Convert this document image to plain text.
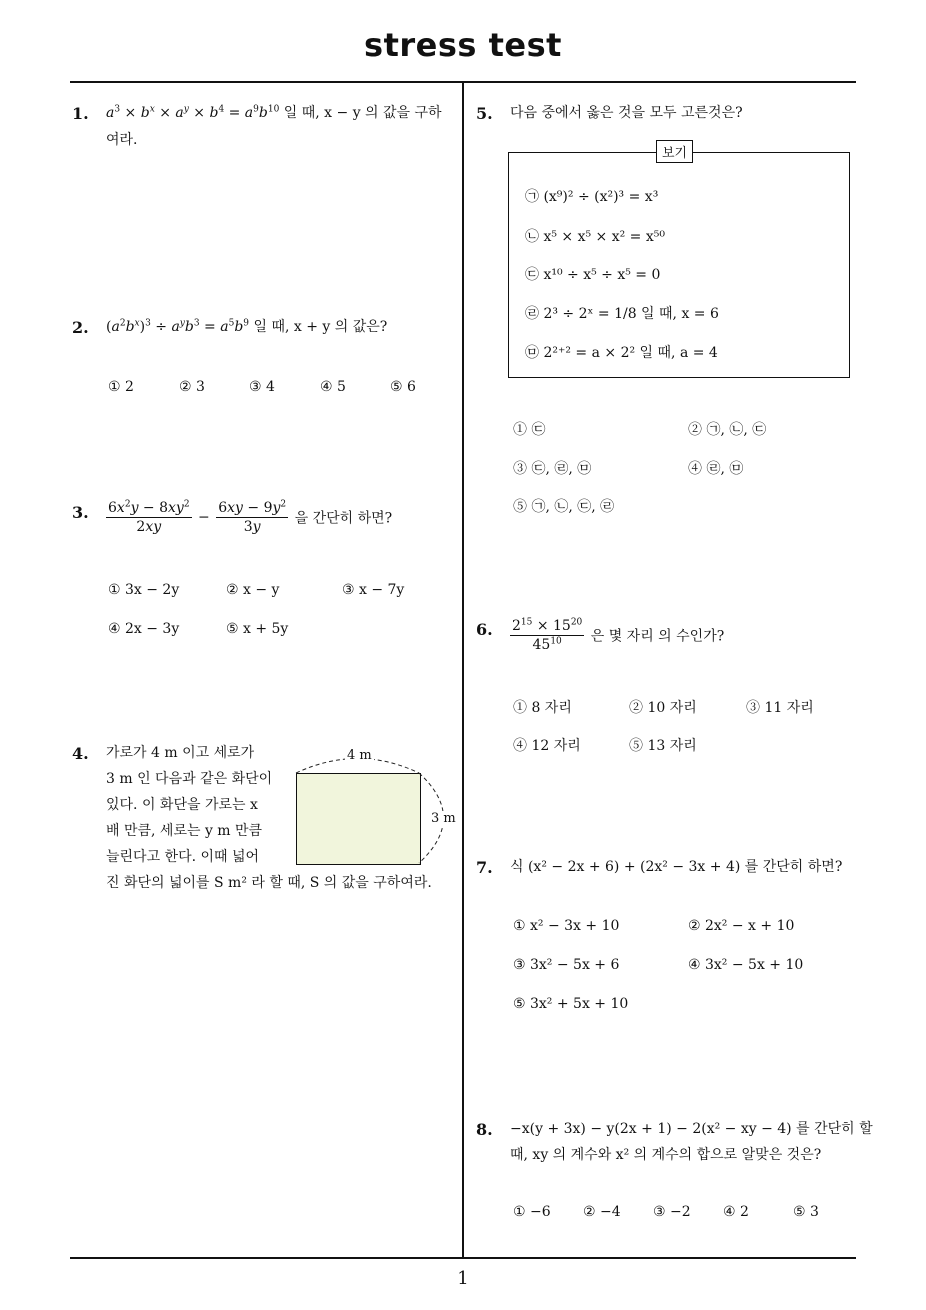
stress test
1
1. $a^3 \times b^x \times a^y \times b^4 = a^9b^{10}$ 일 때, x − y 의 값을 구하
여라.
2. $(a^2b^x)^3 \div a^yb^3 = a^5b^9$ 일 때, x + y 의 값은?
① 2	② 3	③ 4	④ 5	⑤ 6
3. $\frac{6x^2y - 8xy^2}{2xy} - \frac{6xy - 9y^2}{3y}$ 을 간단히 하면?
① 3x − 2y	② x − y	③ x − 7y
④ 2x − 3y	⑤ x + 5y
4. 가로가 4 m 이고 세로가
3 m 인 다음과 같은 화단이
있다. 이 화단을 가로는 x
배 만큼, 세로는 y m 만큼
늘린다고 한다. 이때 넓어
진 화단의 넓이를 S m² 라 할 때, S 의 값을 구하여라.
4 m
3 m
5. 다음 중에서 옳은 것을 모두 고른것은?
보기
㉠ (x⁹)² ÷ (x²)³ = x³
㉡ x⁵ × x⁵ × x² = x⁵⁰
㉢ x¹⁰ ÷ x⁵ ÷ x⁵ = 0
㉣ 2³ ÷ 2ˣ = 1/8 일 때, x = 6
㉤ 2²⁺² = a × 2² 일 때, a = 4
① ㉢	② ㉠, ㉡, ㉢
③ ㉢, ㉣, ㉤	④ ㉣, ㉤
⑤ ㉠, ㉡, ㉢, ㉣
6. $\frac{2^{15} \times 15^{20}}{45^{10}}$ 은 몇 자리 의 수인가?
① 8 자리	② 10 자리	③ 11 자리
④ 12 자리	⑤ 13 자리
7. 식 (x² − 2x + 6) + (2x² − 3x + 4) 를 간단히 하면?
① x² − 3x + 10	② 2x² − x + 10
③ 3x² − 5x + 6	④ 3x² − 5x + 10
⑤ 3x² + 5x + 10
8. −x(y + 3x) − y(2x + 1) − 2(x² − xy − 4) 를 간단히 할
때, xy 의 계수와 x² 의 계수의 합으로 알맞은 것은?
① −6 ② −4 ③ −2 ④ 2	⑤ 3
